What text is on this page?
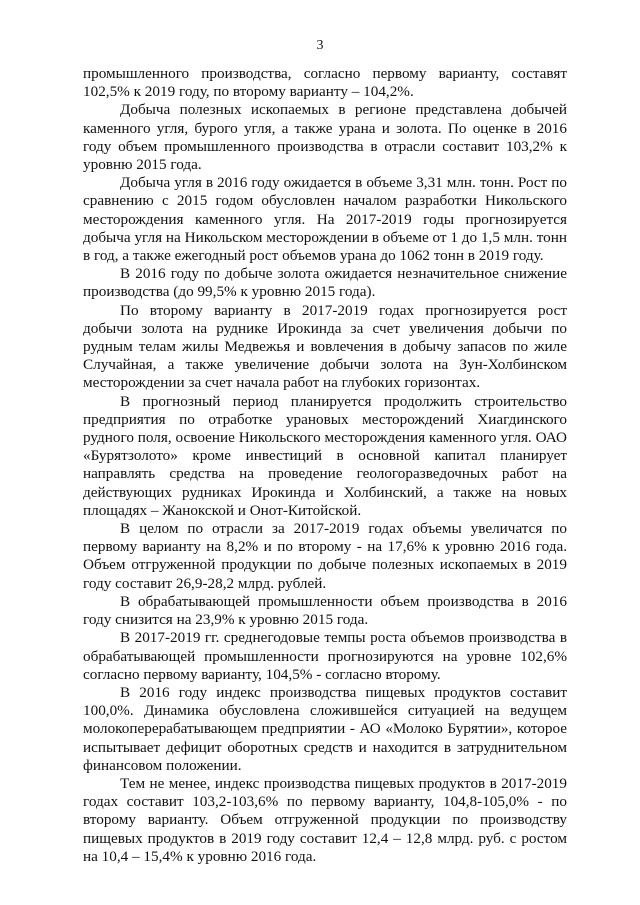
3

промышленного производства, согласно первому варианту, составят 102,5% к 2019 году, по второму варианту – 104,2%.

Добыча полезных ископаемых в регионе представлена добычей каменного угля, бурого угля, а также урана и золота. По оценке в 2016 году объем промышленного производства в отрасли составит 103,2% к уровню 2015 года.

Добыча угля в 2016 году ожидается в объеме 3,31 млн. тонн. Рост по сравнению с 2015 годом обусловлен началом разработки Никольского месторождения каменного угля. На 2017-2019 годы прогнозируется добыча угля на Никольском месторождении в объеме от 1 до 1,5 млн. тонн в год, а также ежегодный рост объемов урана до 1062 тонн в 2019 году.

В 2016 году по добыче золота ожидается незначительное снижение производства (до 99,5% к уровню 2015 года).

По второму варианту в 2017-2019 годах прогнозируется рост добычи золота на руднике Ирокинда за счет увеличения добычи по рудным телам жилы Медвежья и вовлечения в добычу запасов по жиле Случайная, а также увеличение добычи золота на Зун-Холбинском месторождении за счет начала работ на глубоких горизонтах.

В прогнозный период планируется продолжить строительство предприятия по отработке урановых месторождений Хиагдинского рудного поля, освоение Никольского месторождения каменного угля. ОАО «Бурятзолото» кроме инвестиций в основной капитал планирует направлять средства на проведение геологоразведочных работ на действующих рудниках Ирокинда и Холбинский, а также на новых площадях – Жанокской и Онот-Китойской.

В целом по отрасли за 2017-2019 годах объемы увеличатся по первому варианту на 8,2% и по второму - на 17,6% к уровню 2016 года. Объем отгруженной продукции по добыче полезных ископаемых в 2019 году составит 26,9-28,2 млрд. рублей.

В обрабатывающей промышленности объем производства в 2016 году снизится на 23,9% к уровню 2015 года.

В 2017-2019 гг. среднегодовые темпы роста объемов производства в обрабатывающей промышленности прогнозируются на уровне 102,6% согласно первому варианту, 104,5% - согласно второму.

В 2016 году индекс производства пищевых продуктов составит 100,0%. Динамика обусловлена сложившейся ситуацией на ведущем молокоперерабатывающем предприятии - АО «Молоко Бурятии», которое испытывает дефицит оборотных средств и находится в затруднительном финансовом положении.

Тем не менее, индекс производства пищевых продуктов в 2017-2019 годах составит 103,2-103,6% по первому варианту, 104,8-105,0% - по второму варианту. Объем отгруженной продукции по производству пищевых продуктов в 2019 году составит 12,4 – 12,8 млрд. руб. с ростом на 10,4 – 15,4% к уровню 2016 года.
